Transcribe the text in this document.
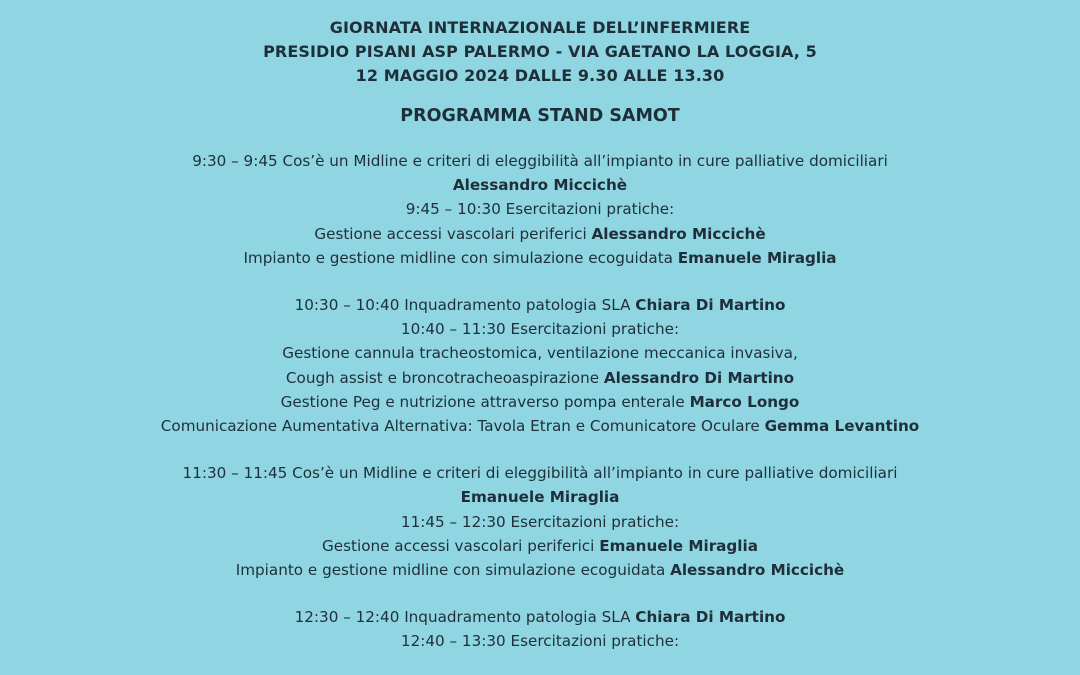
GIORNATA INTERNAZIONALE DELL’INFERMIERE
PRESIDIO PISANI ASP PALERMO - VIA GAETANO LA LOGGIA, 5
12 MAGGIO 2024 DALLE 9.30 ALLE 13.30
PROGRAMMA STAND SAMOT
9:30 – 9:45 Cos’è un Midline e criteri di eleggibilità all’impianto in cure palliative domiciliari
Alessandro Miccichè
9:45 – 10:30 Esercitazioni pratiche:
Gestione accessi vascolari periferici Alessandro Miccichè
Impianto e gestione midline con simulazione ecoguidata Emanuele Miraglia
10:30 – 10:40 Inquadramento patologia SLA Chiara Di Martino
10:40 – 11:30 Esercitazioni pratiche:
Gestione cannula tracheostomica, ventilazione meccanica invasiva,
Cough assist e broncotracheoaspirazione Alessandro Di Martino
Gestione Peg e nutrizione attraverso pompa enterale Marco Longo
Comunicazione Aumentativa Alternativa: Tavola Etran e Comunicatore Oculare Gemma Levantino
11:30 – 11:45 Cos’è un Midline e criteri di eleggibilità all’impianto in cure palliative domiciliari
Emanuele Miraglia
11:45 – 12:30 Esercitazioni pratiche:
Gestione accessi vascolari periferici Emanuele Miraglia
Impianto e gestione midline con simulazione ecoguidata Alessandro Miccichè
12:30 – 12:40 Inquadramento patologia SLA Chiara Di Martino
12:40 – 13:30 Esercitazioni pratiche:
